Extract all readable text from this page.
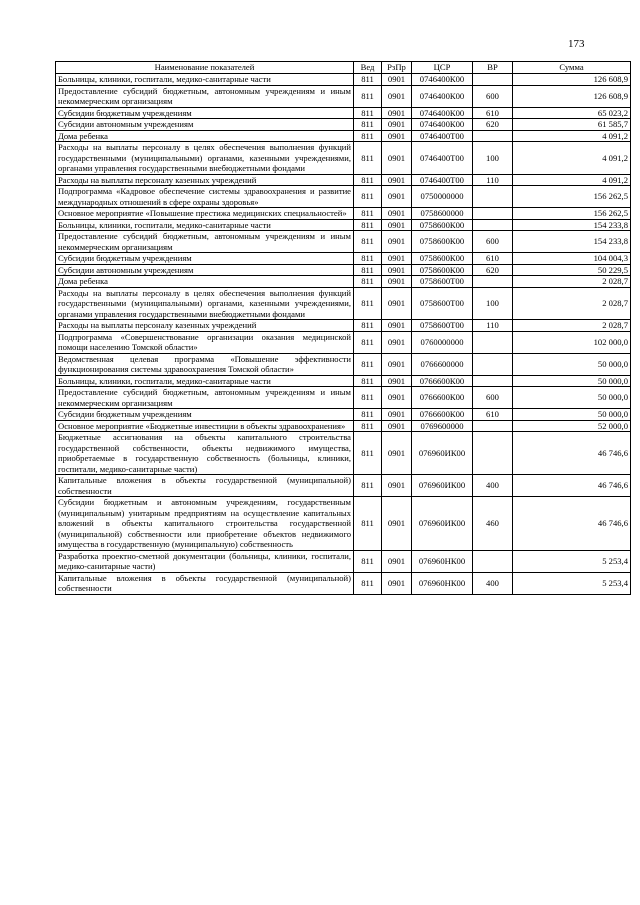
173
Наименование показателей	Вед	РзПр	ЦСР	ВР	Сумма
Больницы, клиники, госпитали, медико-санитарные части	811	0901	0746400К00		126 608,9
Предоставление субсидий бюджетным, автономным учреждениям и иным некоммерческим организациям	811	0901	0746400К00	600	126 608,9
Субсидии бюджетным учреждениям	811	0901	0746400К00	610	65 023,2
Субсидии автономным учреждениям	811	0901	0746400К00	620	61 585,7
Дома ребенка	811	0901	0746400Т00		4 091,2
Расходы на выплаты персоналу в целях обеспечения выполнения функций государственными (муниципальными) органами, казенными учреждениями, органами управления государственными внебюджетными фондами	811	0901	0746400Т00	100	4 091,2
Расходы на выплаты персоналу казенных учреждений	811	0901	0746400Т00	110	4 091,2
Подпрограмма «Кадровое обеспечение системы здравоохранения и развитие международных отношений в сфере охраны здоровья»	811	0901	0750000000		156 262,5
Основное мероприятие «Повышение престижа медицинских специальностей»	811	0901	0758600000		156 262,5
Больницы, клиники, госпитали, медико-санитарные части	811	0901	0758600К00		154 233,8
Предоставление субсидий бюджетным, автономным учреждениям и иным некоммерческим организациям	811	0901	0758600К00	600	154 233,8
Субсидии бюджетным учреждениям	811	0901	0758600К00	610	104 004,3
Субсидии автономным учреждениям	811	0901	0758600К00	620	50 229,5
Дома ребенка	811	0901	0758600Т00		2 028,7
Расходы на выплаты персоналу в целях обеспечения выполнения функций государственными (муниципальными) органами, казенными учреждениями, органами управления государственными внебюджетными фондами	811	0901	0758600Т00	100	2 028,7
Расходы на выплаты персоналу казенных учреждений	811	0901	0758600Т00	110	2 028,7
Подпрограмма «Совершенствование организации оказания медицинской помощи населению Томской области»	811	0901	0760000000		102 000,0
Ведомственная целевая программа «Повышение эффективности функционирования системы здравоохранения Томской области»	811	0901	0766600000		50 000,0
Больницы, клиники, госпитали, медико-санитарные части	811	0901	0766600К00		50 000,0
Предоставление субсидий бюджетным, автономным учреждениям и иным некоммерческим организациям	811	0901	0766600К00	600	50 000,0
Субсидии бюджетным учреждениям	811	0901	0766600К00	610	50 000,0
Основное мероприятие «Бюджетные инвестиции в объекты здравоохранения»	811	0901	0769600000		52 000,0
Бюджетные ассигнования на объекты капитального строительства государственной собственности, объекты недвижимого имущества, приобретаемые в государственную собственность (больницы, клиники, госпитали, медико-санитарные части)	811	0901	076960ИК00		46 746,6
Капитальные вложения в объекты государственной (муниципальной) собственности	811	0901	076960ИК00	400	46 746,6
Субсидии бюджетным и автономным учреждениям, государственным (муниципальным) унитарным предприятиям на осуществление капитальных вложений в объекты капитального строительства государственной (муниципальной) собственности или приобретение объектов недвижимого имущества в государственную (муниципальную) собственность	811	0901	076960ИК00	460	46 746,6
Разработка проектно-сметной документации (больницы, клиники, госпитали, медико-санитарные части)	811	0901	076960НК00		5 253,4
Капитальные вложения в объекты государственной (муниципальной) собственности	811	0901	076960НК00	400	5 253,4
